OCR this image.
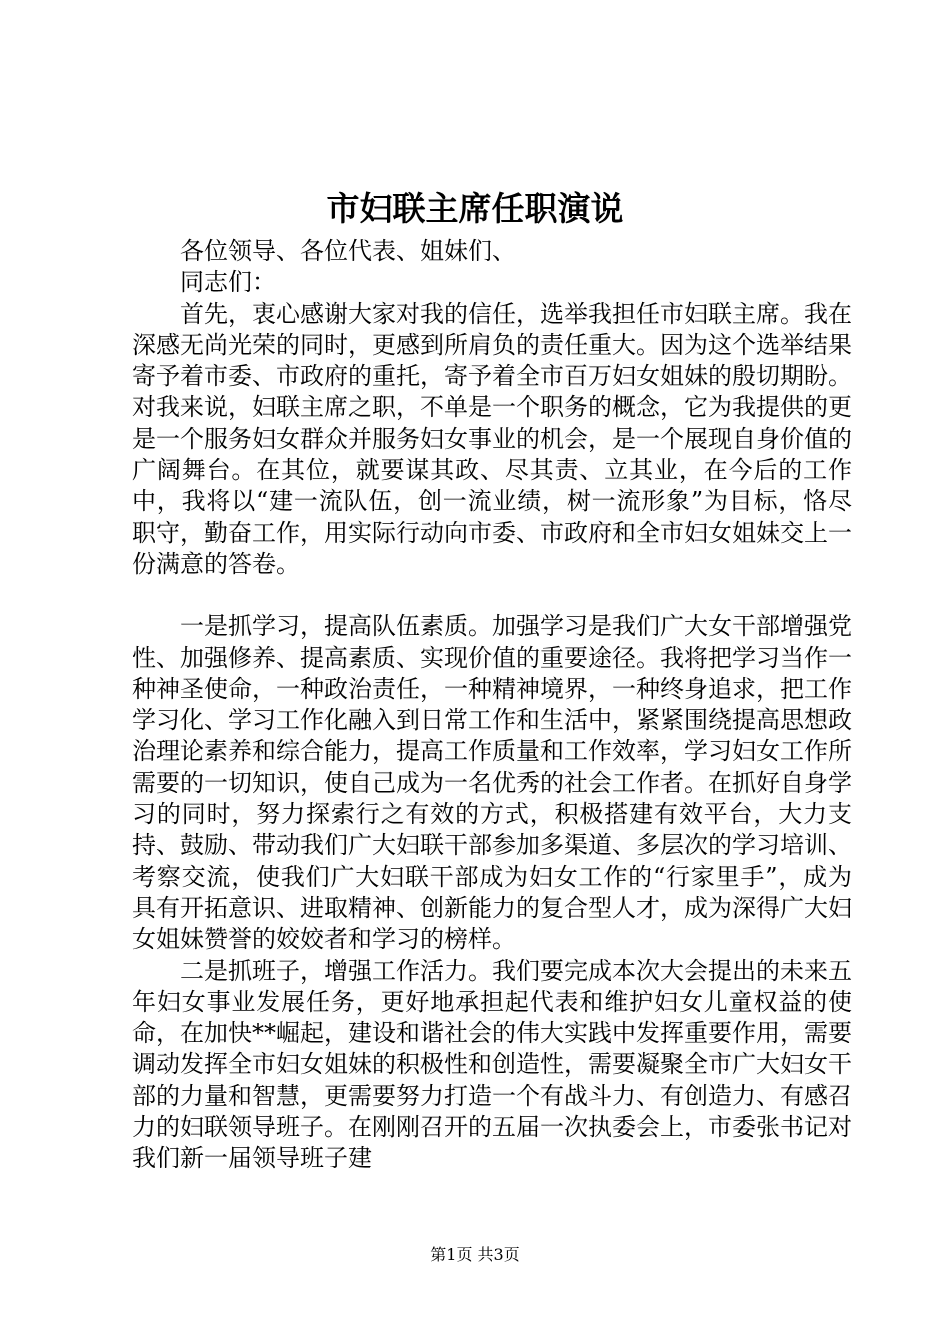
市妇联主席任职演说

各位领导、各位代表、姐妹们、

同志们：

首先，衷心感谢大家对我的信任，选举我担任市妇联主席。我在深感无尚光荣的同时，更感到所肩负的责任重大。因为这个选举结果寄予着市委、市政府的重托，寄予着全市百万妇女姐妹的殷切期盼。对我来说，妇联主席之职，不单是一个职务的概念，它为我提供的更是一个服务妇女群众并服务妇女事业的机会，是一个展现自身价值的广阔舞台。在其位，就要谋其政、尽其责、立其业，在今后的工作中，我将以“建一流队伍，创一流业绩，树一流形象”为目标，恪尽职守，勤奋工作，用实际行动向市委、市政府和全市妇女姐妹交上一份满意的答卷。

一是抓学习，提高队伍素质。加强学习是我们广大女干部增强党性、加强修养、提高素质、实现价值的重要途径。我将把学习当作一种神圣使命，一种政治责任，一种精神境界，一种终身追求，把工作学习化、学习工作化融入到日常工作和生活中，紧紧围绕提高思想政治理论素养和综合能力，提高工作质量和工作效率，学习妇女工作所需要的一切知识，使自己成为一名优秀的社会工作者。在抓好自身学习的同时，努力探索行之有效的方式，积极搭建有效平台，大力支持、鼓励、带动我们广大妇联干部参加多渠道、多层次的学习培训、考察交流，使我们广大妇联干部成为妇女工作的“行家里手”，成为具有开拓意识、进取精神、创新能力的复合型人才，成为深得广大妇女姐妹赞誉的姣姣者和学习的榜样。

二是抓班子，增强工作活力。我们要完成本次大会提出的未来五年妇女事业发展任务，更好地承担起代表和维护妇女儿童权益的使命，在加快**崛起，建设和谐社会的伟大实践中发挥重要作用，需要调动发挥全市妇女姐妹的积极性和创造性，需要凝聚全市广大妇女干部的力量和智慧，更需要努力打造一个有战斗力、有创造力、有感召力的妇联领导班子。在刚刚召开的五届一次执委会上，市委张书记对我们新一届领导班子建

第1页 共3页
